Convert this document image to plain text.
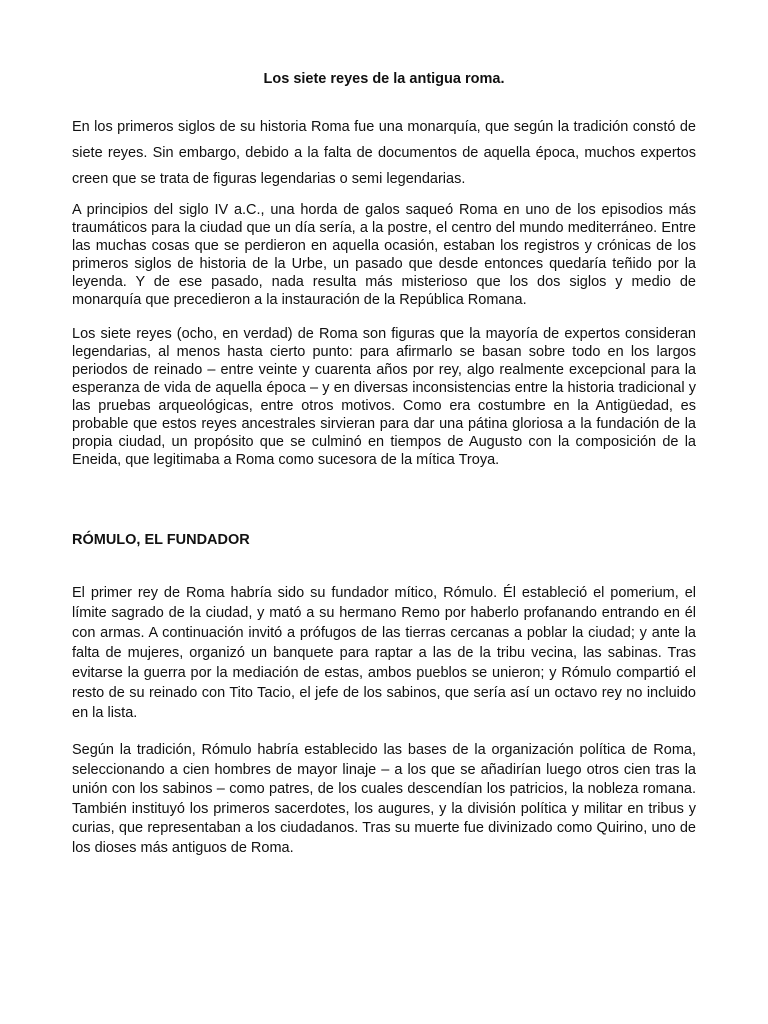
Los siete reyes de la antigua roma.

En los primeros siglos de su historia Roma fue una monarquía, que según la tradición constó de siete reyes. Sin embargo, debido a la falta de documentos de aquella época, muchos expertos creen que se trata de figuras legendarias o semi legendarias.

A principios del siglo IV a.C., una horda de galos saqueó Roma en uno de los episodios más traumáticos para la ciudad que un día sería, a la postre, el centro del mundo mediterráneo. Entre las muchas cosas que se perdieron en aquella ocasión, estaban los registros y crónicas de los primeros siglos de historia de la Urbe, un pasado que desde entonces quedaría teñido por la leyenda. Y de ese pasado, nada resulta más misterioso que los dos siglos y medio de monarquía que precedieron a la instauración de la República Romana.

Los siete reyes (ocho, en verdad) de Roma son figuras que la mayoría de expertos consideran legendarias, al menos hasta cierto punto: para afirmarlo se basan sobre todo en los largos periodos de reinado – entre veinte y cuarenta años por rey, algo realmente excepcional para la esperanza de vida de aquella época – y en diversas inconsistencias entre la historia tradicional y las pruebas arqueológicas, entre otros motivos. Como era costumbre en la Antigüedad, es probable que estos reyes ancestrales sirvieran para dar una pátina gloriosa a la fundación de la propia ciudad, un propósito que se culminó en tiempos de Augusto con la composición de la Eneida, que legitimaba a Roma como sucesora de la mítica Troya.

RÓMULO, EL FUNDADOR

El primer rey de Roma habría sido su fundador mítico, Rómulo. Él estableció el pomerium, el límite sagrado de la ciudad, y mató a su hermano Remo por haberlo profanando entrando en él con armas. A continuación invitó a prófugos de las tierras cercanas a poblar la ciudad; y ante la falta de mujeres, organizó un banquete para raptar a las de la tribu vecina, las sabinas. Tras evitarse la guerra por la mediación de estas, ambos pueblos se unieron; y Rómulo compartió el resto de su reinado con Tito Tacio, el jefe de los sabinos, que sería así un octavo rey no incluido en la lista.

Según la tradición, Rómulo habría establecido las bases de la organización política de Roma, seleccionando a cien hombres de mayor linaje – a los que se añadirían luego otros cien tras la unión con los sabinos – como patres, de los cuales descendían los patricios, la nobleza romana. También instituyó los primeros sacerdotes, los augures, y la división política y militar en tribus y curias, que representaban a los ciudadanos. Tras su muerte fue divinizado como Quirino, uno de los dioses más antiguos de Roma.
